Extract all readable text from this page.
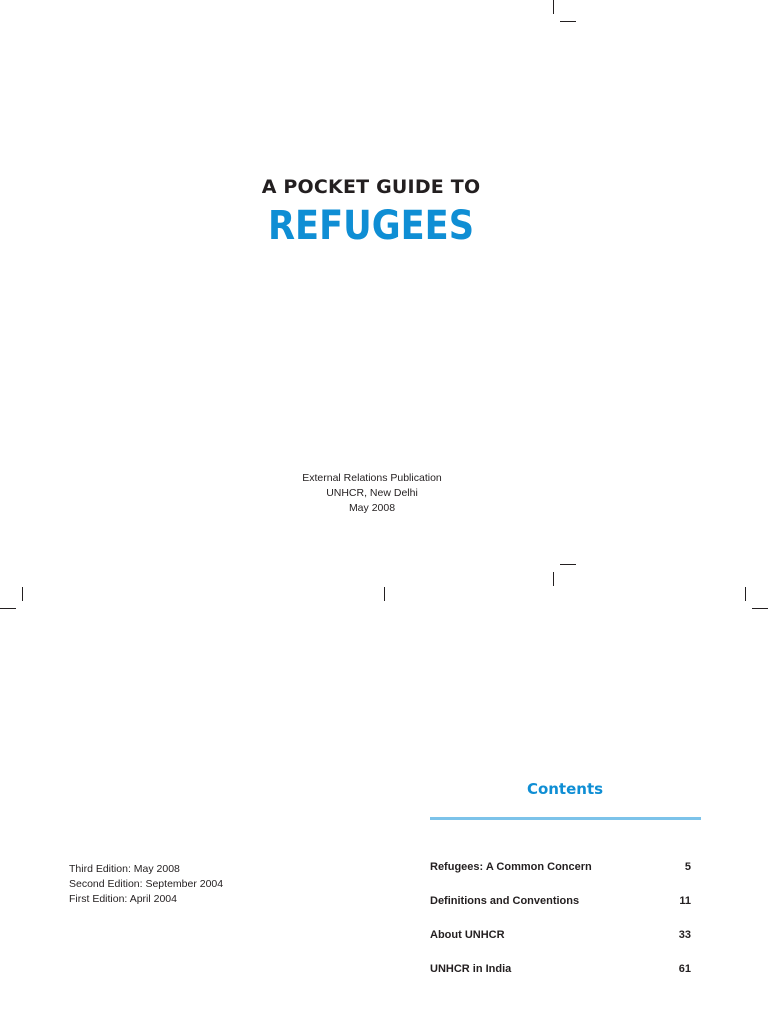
A POCKET GUIDE TO
REFUGEES
External Relations Publication
UNHCR, New Delhi
May 2008
Third Edition: May 2008
Second Edition: September 2004
First Edition: April 2004
Contents
Refugees: A Common Concern	5
Definitions and Conventions	11
About UNHCR	33
UNHCR in India	61
